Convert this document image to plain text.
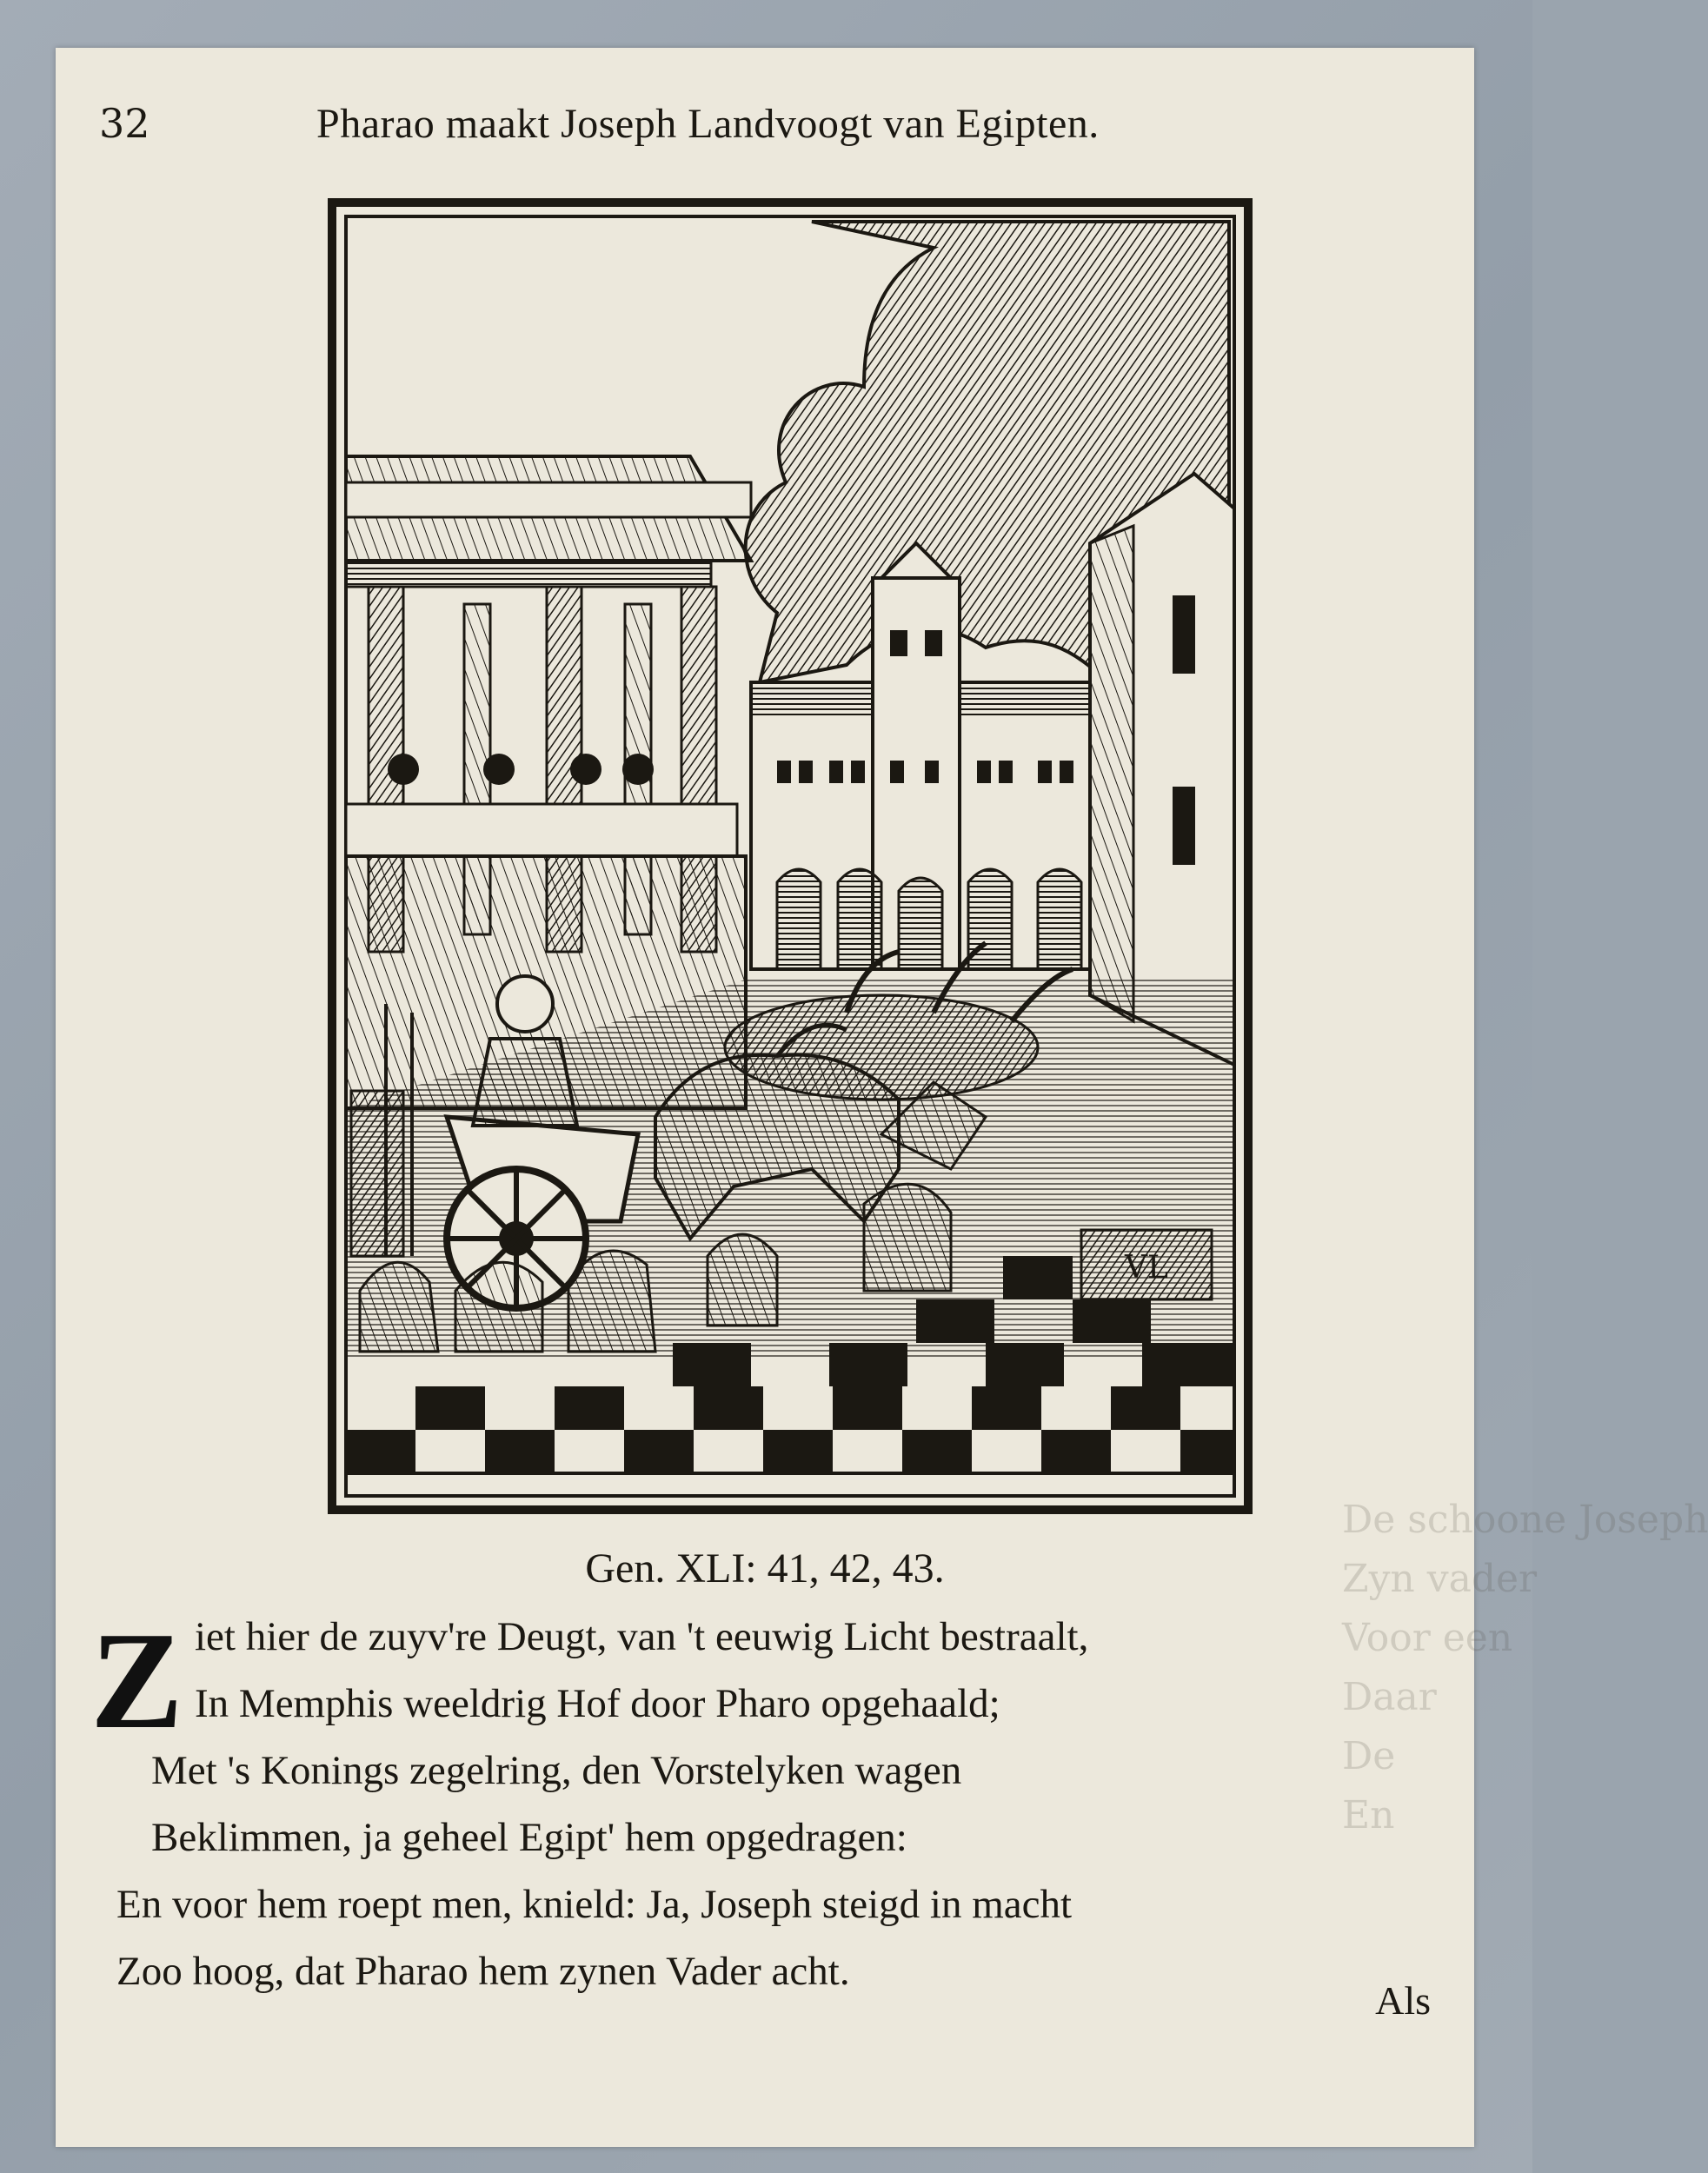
De schoone Joseph
Zyn vader
Voor een
Daar
De
En
32	Pharao maakt Joseph Landvoogt van Egipten.
VL
Gen. XLI: 41, 42, 43.
Z iet hier de zuyv're Deugt, van 't eeuwig Licht bestraalt,
In Memphis weeldrig Hof door Pharo opgehaald;
Met 's Konings zegelring, den Vorstelyken wagen
Beklimmen, ja geheel Egipt' hem opgedragen:
En voor hem roept men, knield: Ja, Joseph steigd in macht
Zoo hoog, dat Pharao hem zynen Vader acht.
Als
